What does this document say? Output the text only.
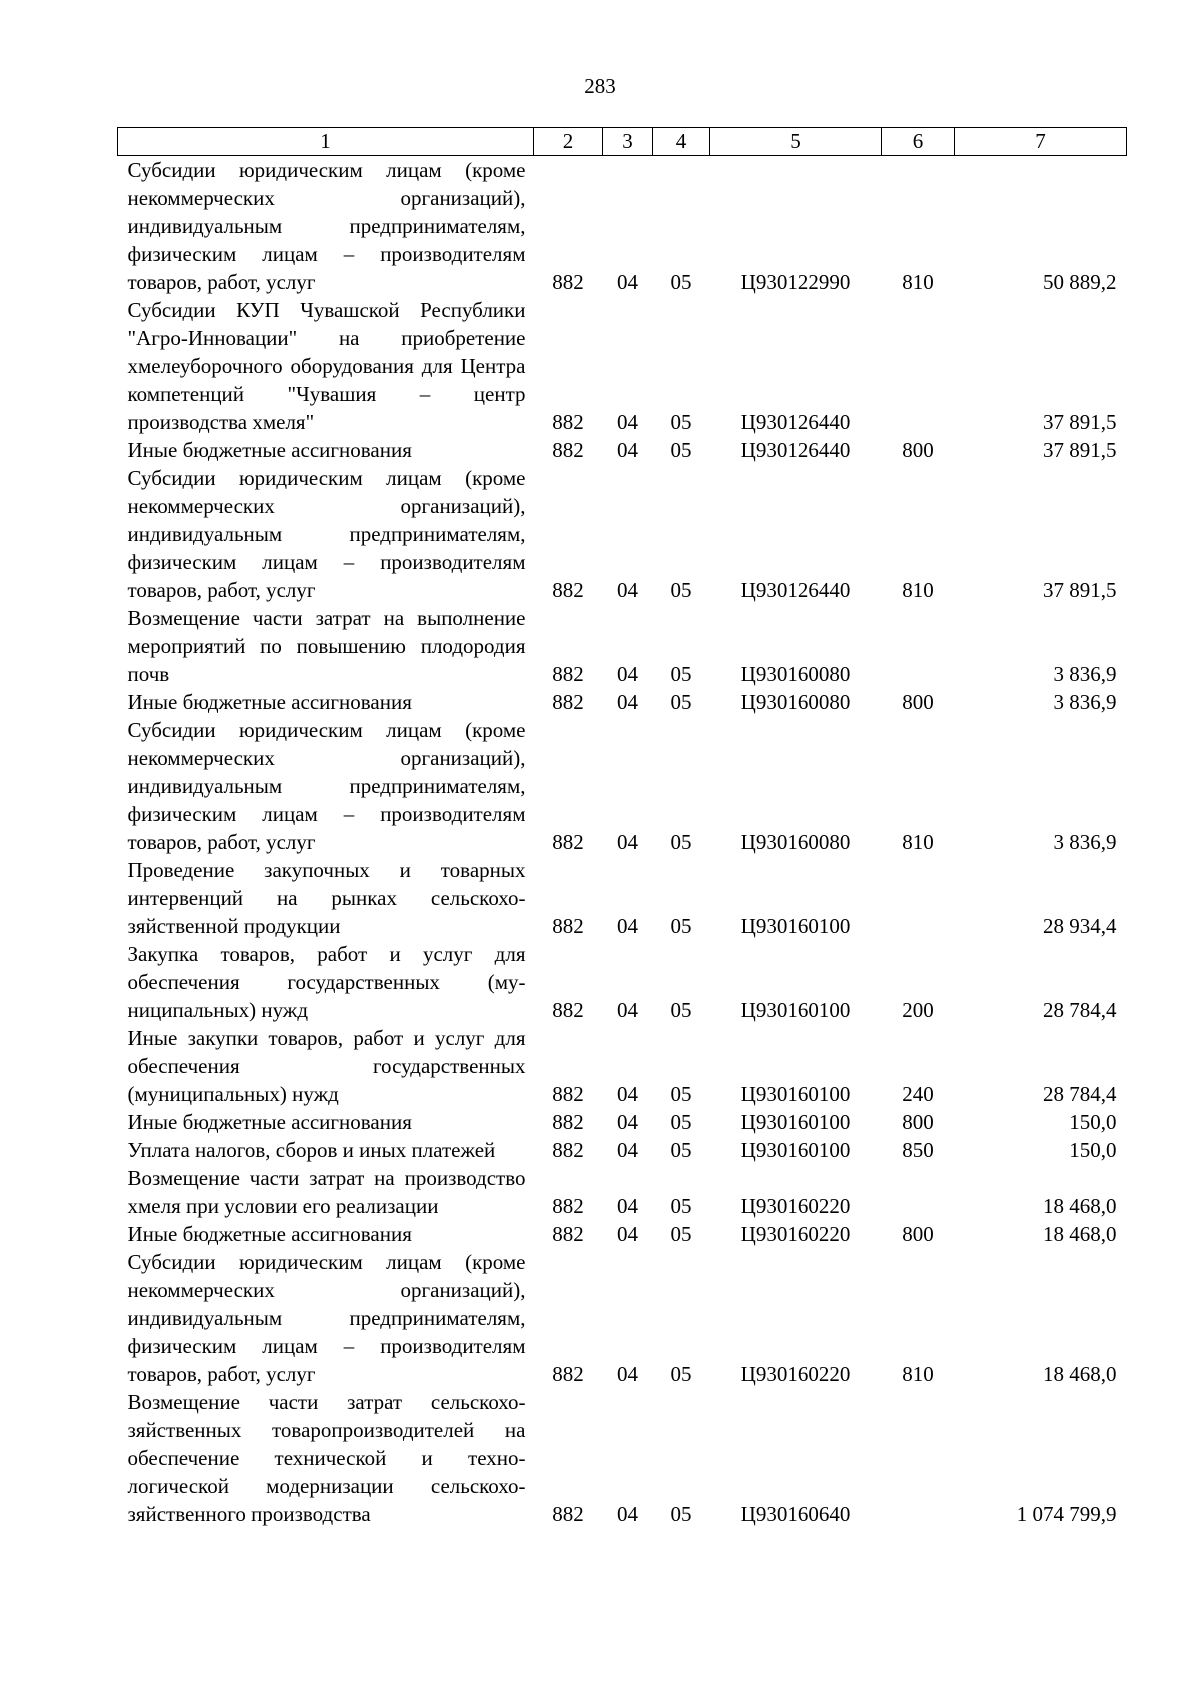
283
1	2	3	4	5	6	7
Субсидии юридическим лицам (кроме некоммерческих организаций), индивидуальным предпринимателям, физическим лицам – производителям товаров, работ, услуг	882	04	05	Ц930122990	810	50 889,2
Субсидии КУП Чувашской Республики "Агро-Инновации" на приобретение хмелеуборочного оборудования для Центра компетенций "Чувашия – центр производства хмеля"	882	04	05	Ц930126440		37 891,5
Иные бюджетные ассигнования	882	04	05	Ц930126440	800	37 891,5
Субсидии юридическим лицам (кроме некоммерческих организаций), индивидуальным предпринимателям, физическим лицам – производителям товаров, работ, услуг	882	04	05	Ц930126440	810	37 891,5
Возмещение части затрат на выполнение мероприятий по повышению плодородия почв	882	04	05	Ц930160080		3 836,9
Иные бюджетные ассигнования	882	04	05	Ц930160080	800	3 836,9
Субсидии юридическим лицам (кроме некоммерческих организаций), индивидуальным предпринимателям, физическим лицам – производителям товаров, работ, услуг	882	04	05	Ц930160080	810	3 836,9
Проведение закупочных и товарных интервенций на рынках сельскохозяйственной продукции	882	04	05	Ц930160100		28 934,4
Закупка товаров, работ и услуг для обеспечения государственных (муниципальных) нужд	882	04	05	Ц930160100	200	28 784,4
Иные закупки товаров, работ и услуг для обеспечения государственных (муниципальных) нужд	882	04	05	Ц930160100	240	28 784,4
Иные бюджетные ассигнования	882	04	05	Ц930160100	800	150,0
Уплата налогов, сборов и иных платежей	882	04	05	Ц930160100	850	150,0
Возмещение части затрат на производство хмеля при условии его реализации	882	04	05	Ц930160220		18 468,0
Иные бюджетные ассигнования	882	04	05	Ц930160220	800	18 468,0
Субсидии юридическим лицам (кроме некоммерческих организаций), индивидуальным предпринимателям, физическим лицам – производителям товаров, работ, услуг	882	04	05	Ц930160220	810	18 468,0
Возмещение части затрат сельскохозяйственных товаропроизводителей на обеспечение технической и технологической модернизации сельскохозяйственного производства	882	04	05	Ц930160640		1 074 799,9
